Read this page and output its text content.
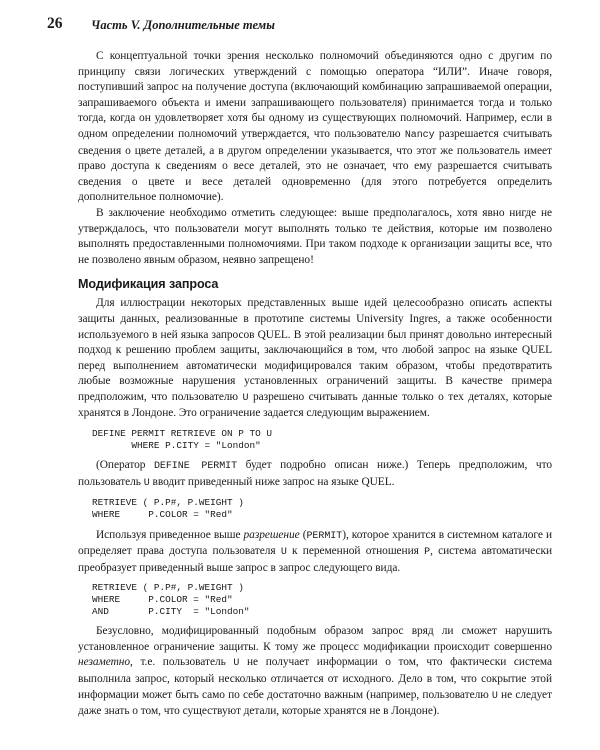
26 Часть V. Дополнительные темы

С концептуальной точки зрения несколько полномочий объединяются одно с другим по принципу связи логических утверждений с помощью оператора “ИЛИ”. Иначе говоря, поступивший запрос на получение доступа (включающий комбинацию запрашиваемой операции, запрашиваемого объекта и имени запрашивающего пользователя) принимается тогда и только тогда, когда он удовлетворяет хотя бы одному из существующих полномочий. Например, если в одном определении полномочий утверждается, что пользователю Nancy разрешается считывать сведения о цвете деталей, а в другом определении указывается, что этот же пользователь имеет право доступа к сведениям о весе деталей, это не означает, что ему разрешается считывать сведения о цвете и весе деталей одновременно (для этого потребуется определить дополнительное полномочие).

В заключение необходимо отметить следующее: выше предполагалось, хотя явно нигде не утверждалось, что пользователи могут выполнять только те действия, которые им позволено выполнять предоставленными полномочиями. При таком подходе к организации защиты все, что не позволено явным образом, неявно запрещено!

Модификация запроса

Для иллюстрации некоторых представленных выше идей целесообразно описать аспекты защиты данных, реализованные в прототипе системы University Ingres, а также особенности используемого в ней языка запросов QUEL. В этой реализации был принят довольно интересный подход к решению проблем защиты, заключающийся в том, что любой запрос на языке QUEL перед выполнением автоматически модифицировался таким образом, чтобы предотвратить любые возможные нарушения установленных ограничений защиты. В качестве примера предположим, что пользователю U разрешено считывать данные только о тех деталях, которые хранятся в Лондоне. Это ограничение задается следующим выражением.

DEFINE PERMIT RETRIEVE ON P TO U
WHERE P.CITY = "London"

(Оператор DEFINE PERMIT будет подробно описан ниже.) Теперь предположим, что пользователь U вводит приведенный ниже запрос на языке QUEL.

RETRIEVE ( P.P#, P.WEIGHT )
WHERE     P.COLOR = "Red"

Используя приведенное выше разрешение (PERMIT), которое хранится в системном каталоге и определяет права доступа пользователя U к переменной отношения P, система автоматически преобразует приведенный выше запрос в запрос следующего вида.

RETRIEVE ( P.P#, P.WEIGHT )
WHERE     P.COLOR = "Red"
AND       P.CITY  = "London"

Безусловно, модифицированный подобным образом запрос вряд ли сможет нарушить установленное ограничение защиты. К тому же процесс модификации происходит совершенно незаметно, т.е. пользователь U не получает информации о том, что фактически система выполнила запрос, который несколько отличается от исходного. Дело в том, что сокрытие этой информации может быть само по себе достаточно важным (например, пользователю U не следует даже знать о том, что существуют детали, которые хранятся не в Лондоне).
